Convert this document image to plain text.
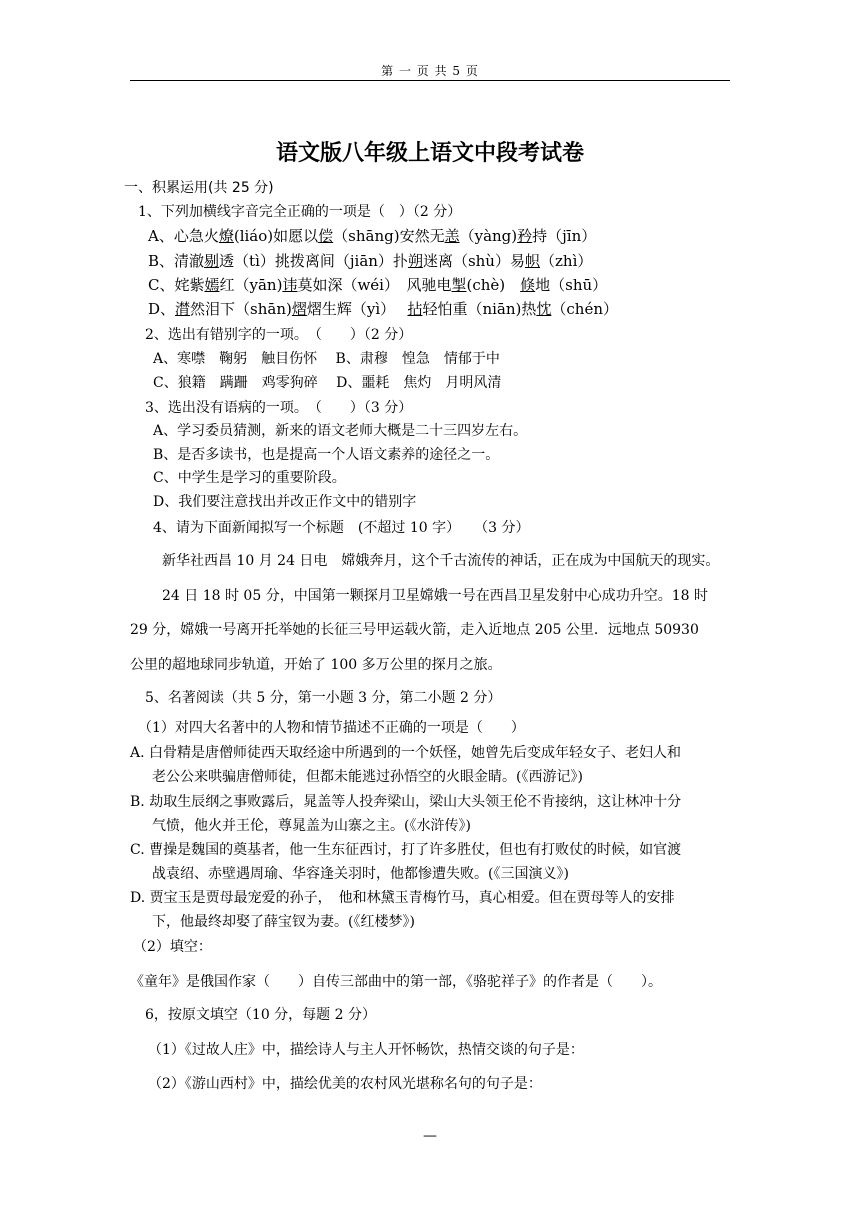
第 一 页 共 5 页
语文版八年级上语文中段考试卷
一、积累运用(共 25 分)
1、下列加横线字音完全正确的一项是（　）（2 分）
A、心急火燎(liáo)如愿以偿（shāng)安然无恙（yàng)矜持（jīn）
B、清澈剔透（tì）挑拨离间（jiān）扑朔迷离（shù）易帜（zhì）
C、姹紫嫣红（yān)讳莫如深（wéi）　风驰电掣(chè)　倏地（shū）
D、潸然泪下（shān)熠熠生辉（yì）　 拈轻怕重（niān)热忱（chén）
2、选出有错别字的一项。　（　　）（2 分）
A、寒噤　鞠躬　触目伤怀　 B、肃穆　惶急　情郁于中
C、狼籍　蹒跚　鸡零狗碎　 D、噩耗　焦灼　月明风清
3、选出没有语病的一项。　（　　）（3 分）
A、学习委员猜测，新来的语文老师大概是二十三四岁左右。
B、是否多读书，也是提高一个人语文素养的途径之一。
C、中学生是学习的重要阶段。
D、我们要注意找出并改正作文中的错别字
4、请为下面新闻拟写一个标题　(不超过 10 字）　　（3 分）
新华社西昌 10 月 24 日电　嫦娥奔月，这个千古流传的神话，正在成为中国航天的现实。
24 日 18 时 05 分，中国第一颗探月卫星嫦娥一号在西昌卫星发射中心成功升空。18 时
29 分，嫦娥一号离开托举她的长征三号甲运载火箭，走入近地点 205 公里．远地点 50930
公里的超地球同步轨道，开始了 100 多万公里的探月之旅。
5、名著阅读（共 5 分，第一小题 3 分，第二小题 2 分）
（1）对四大名著中的人物和情节描述不正确的一项是（　　）
A. 白骨精是唐僧师徒西天取经途中所遇到的一个妖怪，她曾先后变成年轻女子、老妇人和
老公公来哄骗唐僧师徒，但都未能逃过孙悟空的火眼金睛。(《西游记》)
B. 劫取生辰纲之事败露后，晁盖等人投奔梁山，梁山大头领王伦不肯接纳，这让林冲十分
气愤，他火并王伦，尊晁盖为山寨之主。(《水浒传》)
C. 曹操是魏国的奠基者，他一生东征西讨，打了许多胜仗，但也有打败仗的时候，如官渡
战袁绍、赤壁遇周瑜、华容逢关羽时，他都惨遭失败。(《三国演义》)
D. 贾宝玉是贾母最宠爱的孙子，　他和林黛玉青梅竹马，真心相爱。但在贾母等人的安排
下，他最终却娶了薛宝钗为妻。(《红楼梦》)
（2）填空：
《童年》是俄国作家（　　）自传三部曲中的第一部，《骆驼祥子》的作者是（　　）。
6，按原文填空（10 分，每题 2 分）
（1）《过故人庄》中，描绘诗人与主人开怀畅饮，热情交谈的句子是：
（2）《游山西村》中，描绘优美的农村风光堪称名句的句子是：
—
